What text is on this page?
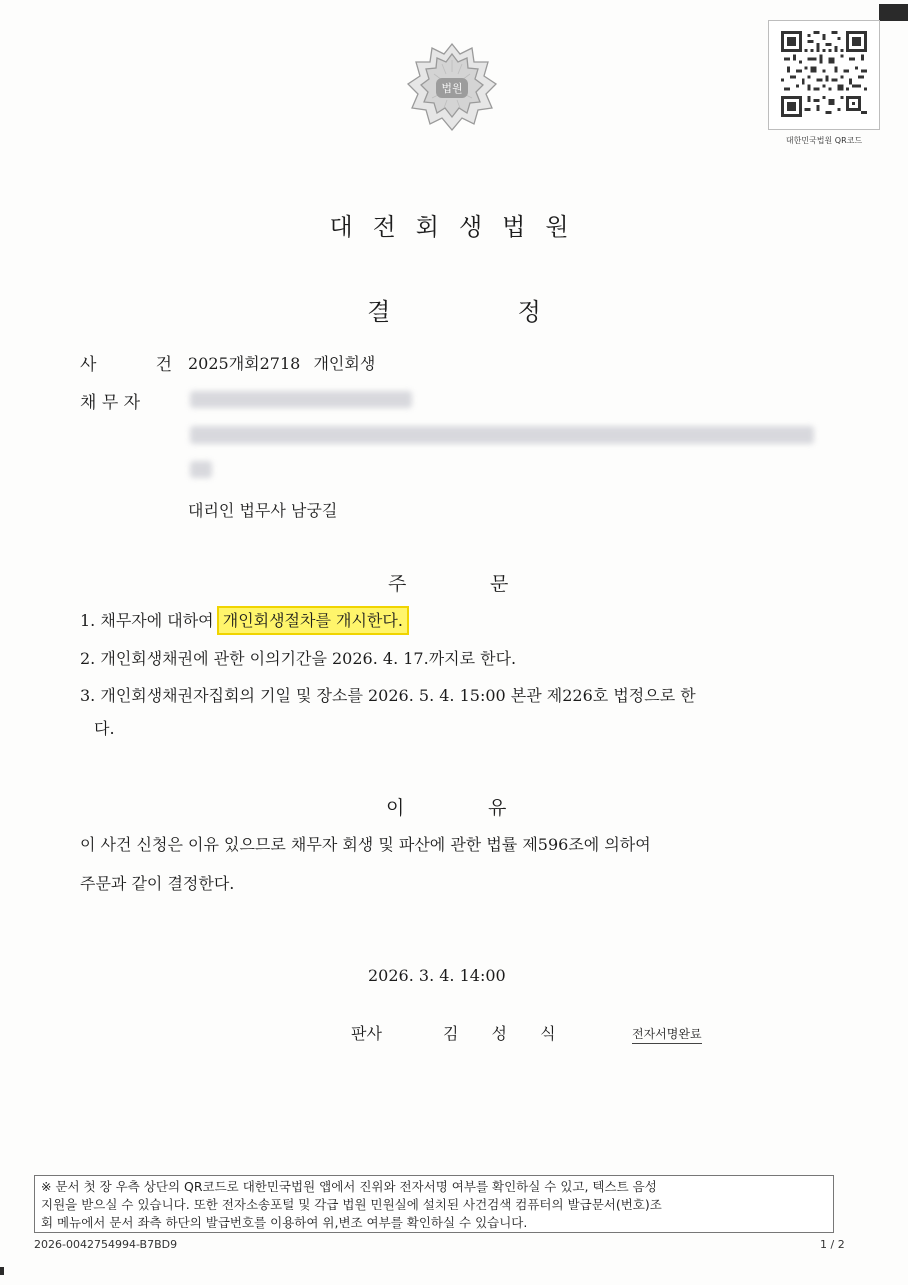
법원
대한민국법원 QR코드
대전회생법원
결	정
사	건 2025개회2718 개인회생
채 무 자
대리인 법무사 남궁길
주	문
1. 채무자에 대하여 개인회생절차를 개시한다.
2. 개인회생채권에 관한 이의기간을 2026. 4. 17.까지로 한다.
3. 개인회생채권자집회의 기일 및 장소를 2026. 5. 4. 15:00 본관 제226호 법정으로 한
다.
이	유
이 사건 신청은 이유 있으므로 채무자 회생 및 파산에 관한 법률 제596조에 의하여
주문과 같이 결정한다.
2026. 3. 4. 14:00
판사	김 성 식	전자서명완료
※ 문서 첫 장 우측 상단의 QR코드로 대한민국법원 앱에서 진위와 전자서명 여부를 확인하실 수 있고, 텍스트 음성
지원을 받으실 수 있습니다. 또한 전자소송포털 및 각급 법원 민원실에 설치된 사건검색 컴퓨터의 발급문서(번호)조
회 메뉴에서 문서 좌측 하단의 발급번호를 이용하여 위,변조 여부를 확인하실 수 있습니다.
2026-0042754994-B7BD9	1 / 2
